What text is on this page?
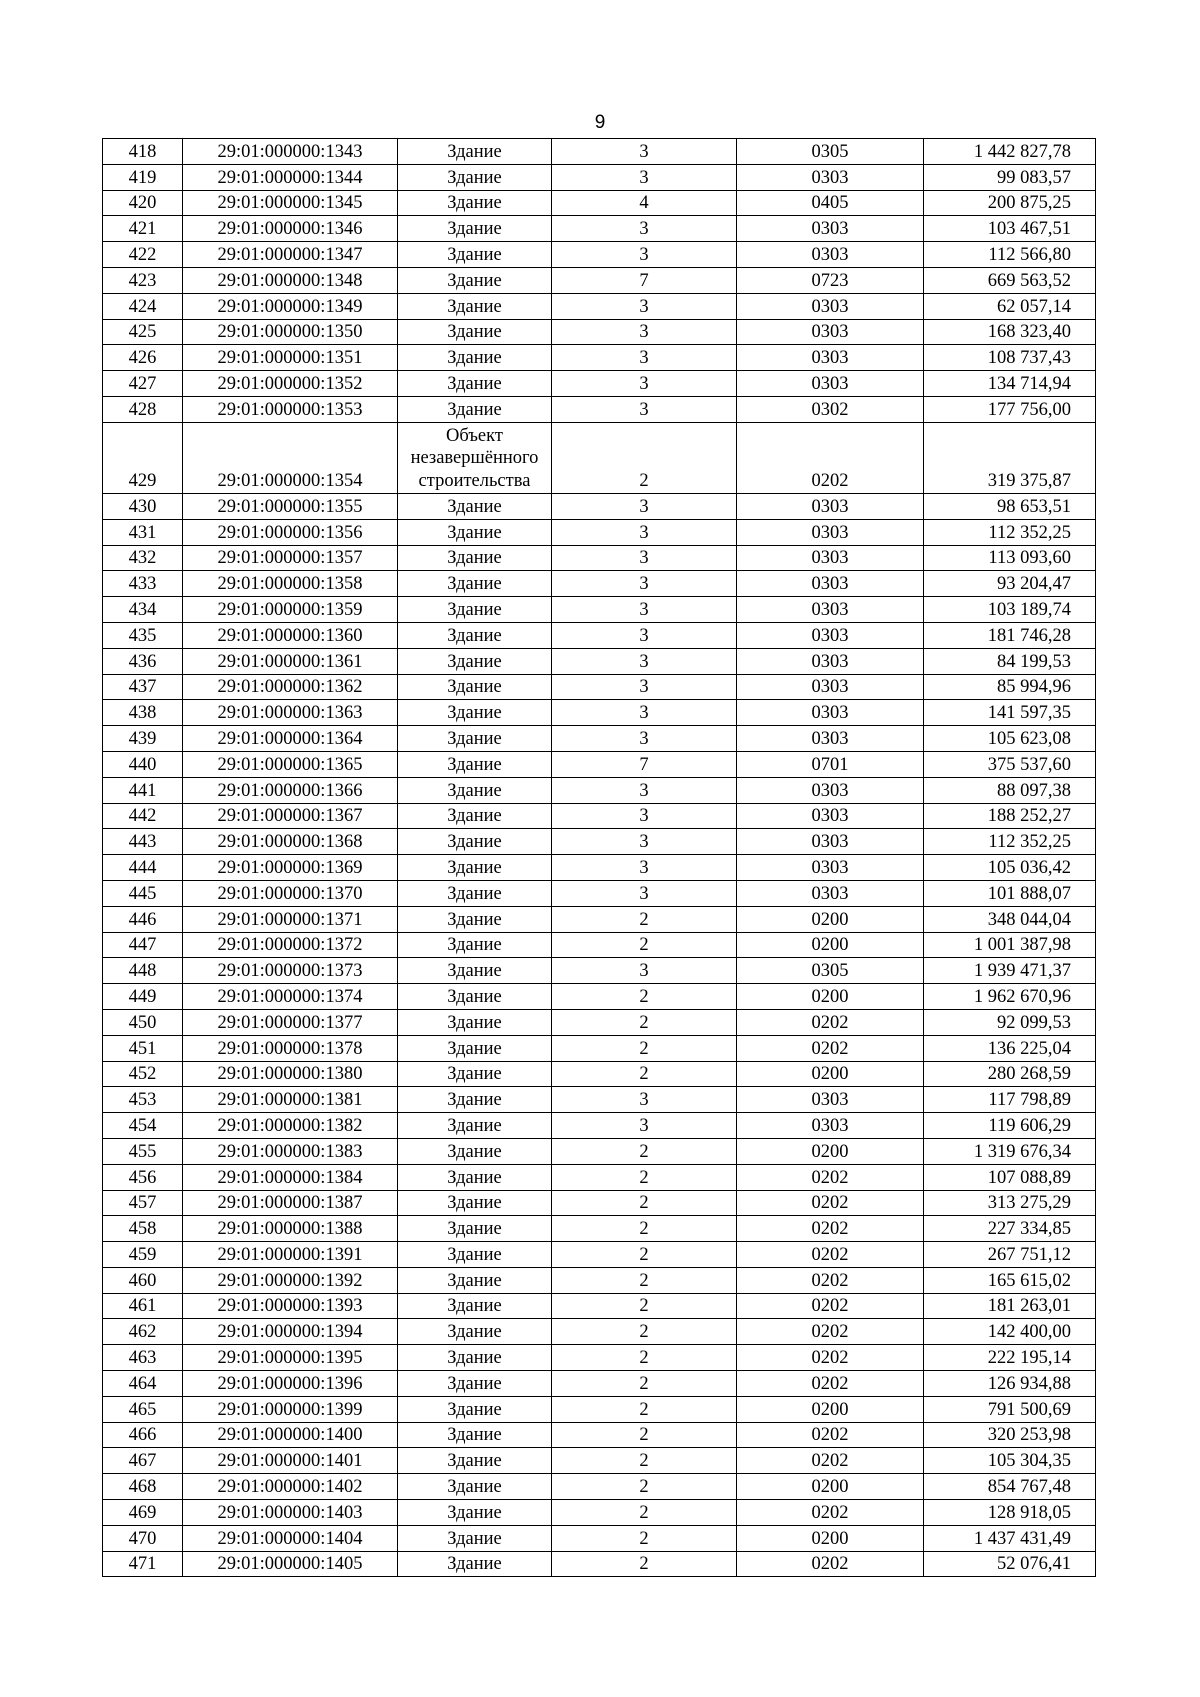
9
418	29:01:000000:1343	Здание	3	0305	1 442 827,78
419	29:01:000000:1344	Здание	3	0303	99 083,57
420	29:01:000000:1345	Здание	4	0405	200 875,25
421	29:01:000000:1346	Здание	3	0303	103 467,51
422	29:01:000000:1347	Здание	3	0303	112 566,80
423	29:01:000000:1348	Здание	7	0723	669 563,52
424	29:01:000000:1349	Здание	3	0303	62 057,14
425	29:01:000000:1350	Здание	3	0303	168 323,40
426	29:01:000000:1351	Здание	3	0303	108 737,43
427	29:01:000000:1352	Здание	3	0303	134 714,94
428	29:01:000000:1353	Здание	3	0302	177 756,00
429	29:01:000000:1354	Объект незавершённого строительства	2	0202	319 375,87
430	29:01:000000:1355	Здание	3	0303	98 653,51
431	29:01:000000:1356	Здание	3	0303	112 352,25
432	29:01:000000:1357	Здание	3	0303	113 093,60
433	29:01:000000:1358	Здание	3	0303	93 204,47
434	29:01:000000:1359	Здание	3	0303	103 189,74
435	29:01:000000:1360	Здание	3	0303	181 746,28
436	29:01:000000:1361	Здание	3	0303	84 199,53
437	29:01:000000:1362	Здание	3	0303	85 994,96
438	29:01:000000:1363	Здание	3	0303	141 597,35
439	29:01:000000:1364	Здание	3	0303	105 623,08
440	29:01:000000:1365	Здание	7	0701	375 537,60
441	29:01:000000:1366	Здание	3	0303	88 097,38
442	29:01:000000:1367	Здание	3	0303	188 252,27
443	29:01:000000:1368	Здание	3	0303	112 352,25
444	29:01:000000:1369	Здание	3	0303	105 036,42
445	29:01:000000:1370	Здание	3	0303	101 888,07
446	29:01:000000:1371	Здание	2	0200	348 044,04
447	29:01:000000:1372	Здание	2	0200	1 001 387,98
448	29:01:000000:1373	Здание	3	0305	1 939 471,37
449	29:01:000000:1374	Здание	2	0200	1 962 670,96
450	29:01:000000:1377	Здание	2	0202	92 099,53
451	29:01:000000:1378	Здание	2	0202	136 225,04
452	29:01:000000:1380	Здание	2	0200	280 268,59
453	29:01:000000:1381	Здание	3	0303	117 798,89
454	29:01:000000:1382	Здание	3	0303	119 606,29
455	29:01:000000:1383	Здание	2	0200	1 319 676,34
456	29:01:000000:1384	Здание	2	0202	107 088,89
457	29:01:000000:1387	Здание	2	0202	313 275,29
458	29:01:000000:1388	Здание	2	0202	227 334,85
459	29:01:000000:1391	Здание	2	0202	267 751,12
460	29:01:000000:1392	Здание	2	0202	165 615,02
461	29:01:000000:1393	Здание	2	0202	181 263,01
462	29:01:000000:1394	Здание	2	0202	142 400,00
463	29:01:000000:1395	Здание	2	0202	222 195,14
464	29:01:000000:1396	Здание	2	0202	126 934,88
465	29:01:000000:1399	Здание	2	0200	791 500,69
466	29:01:000000:1400	Здание	2	0202	320 253,98
467	29:01:000000:1401	Здание	2	0202	105 304,35
468	29:01:000000:1402	Здание	2	0200	854 767,48
469	29:01:000000:1403	Здание	2	0202	128 918,05
470	29:01:000000:1404	Здание	2	0200	1 437 431,49
471	29:01:000000:1405	Здание	2	0202	52 076,41
